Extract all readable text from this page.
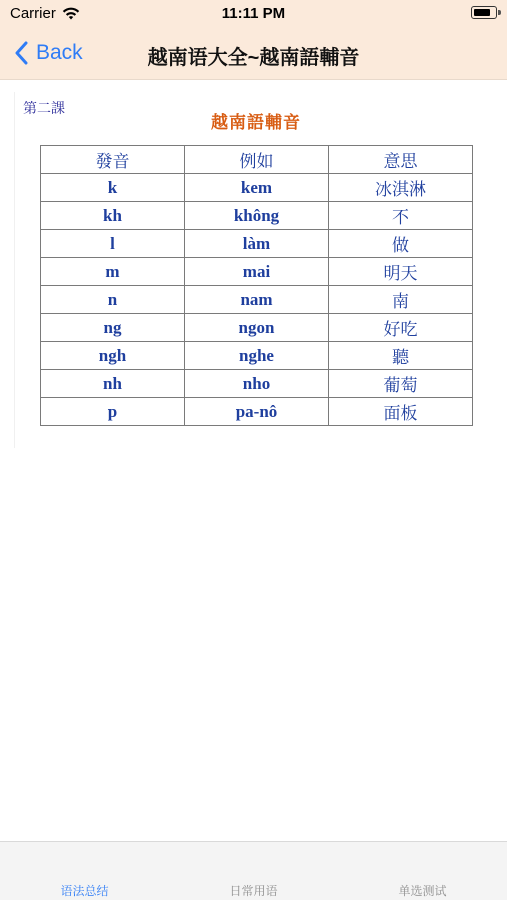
Carrier	11:11 PM
Back	越南语大全~越南語輔音
第二課
越南語輔音
發音	例如	意思
k	kem	冰淇淋
kh	không	不
l	làm	做
m	mai	明天
n	nam	南
ng	ngon	好吃
ngh	nghe	聽
nh	nho	葡萄
p	pa-nô	面板
语法总结	日常用语	单选测试
